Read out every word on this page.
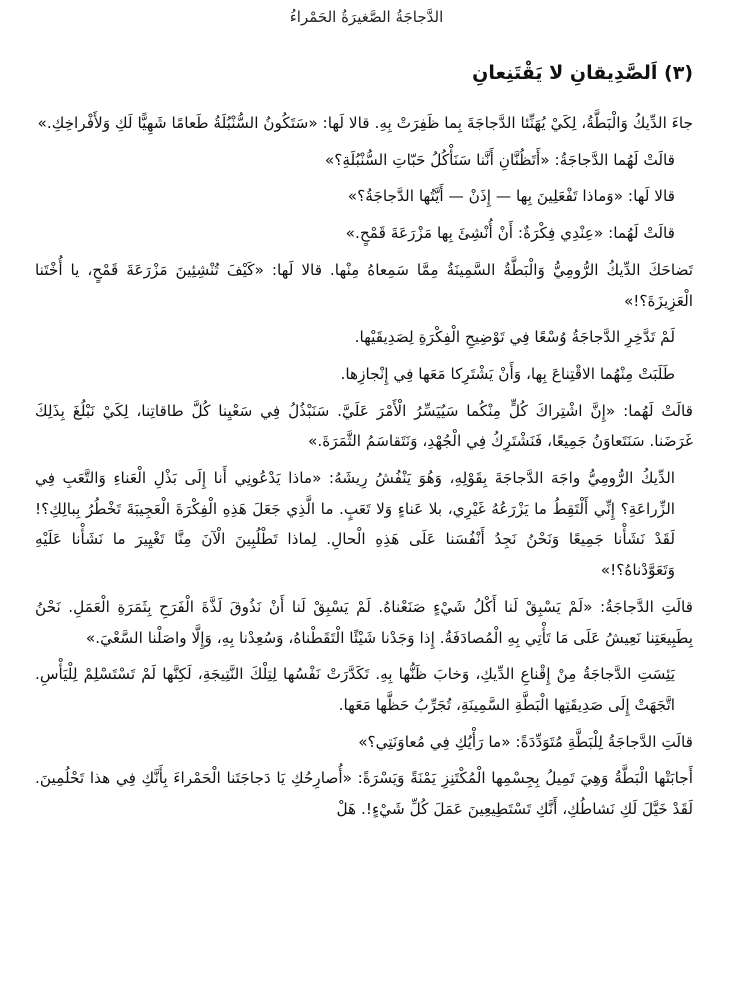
الدَّجاجَةُ الصَّغيرَةُ الحَمْراءُ
(٣) اَلصَّدِيقانِ لا يَقْتَنِعانِ

جاءَ الدِّيكُ وَالْبَطَّةُ، لِكَيْ يُهَنِّئا الدَّجاجَةَ بِما ظَفِرَتْ بِهِ. قالا لَها: «سَتَكُونُ السُّنْبُلَةُ طَعامًا شَهِيًّا لَكِ وَلأَفْراخِكِ.»

قالَتْ لَهُما الدَّجاجَةُ: «أَتَظُنَّانِ أَنَّنا سَنَأْكُلُ حَبّاتِ السُّنْبُلَةِ؟»

قالا لَها: «وَماذا تَفْعَلِينَ بِها — إِذَنْ — أَيَّتُها الدَّجاجَةُ؟»

قالَتْ لَهُما: «عِنْدِي فِكْرَةٌ: أَنْ أُنْشِئَ بِها مَزْرَعَةَ قَمْحٍ.»

تَضاحَكَ الدِّيكُ الرُّومِيُّ وَالْبَطَّةُ السَّمِينَةُ مِمَّا سَمِعاهُ مِنْها. قالا لَها: «كَيْفَ تُنْشِئِينَ مَزْرَعَةَ قَمْحٍ، يا أُخْتَنا الْعَزِيزَةَ؟!»

لَمْ تَدَّخِرِ الدَّجاجَةُ وُسْعًا فِي تَوْضِيحِ الْفِكْرَةِ لِصَدِيقَيْها.

طَلَبَتْ مِنْهُما الاقْتِناعَ بِها، وَأَنْ يَشْتَرِكا مَعَها فِي إِنْجازِها.

قالَتْ لَهُما: «إِنَّ اشْتِراكَ كُلٍّ مِنْكُما سَيُيَسِّرُ الْأَمْرَ عَلَيَّ. سَنَبْذُلُ فِي سَعْيِنا كُلَّ طاقاتِنا، لِكَيْ نَبْلُغَ بِذَلِكَ غَرَضَنا. سَنَتَعاوَنُ جَمِيعًا، فَنَشْتَرِكُ فِي الْجُهْدِ، وَنَتَقاسَمُ الثَّمَرَةَ.»

الدِّيكُ الرُّومِيُّ واجَهَ الدَّجاجَةَ بِقَوْلِهِ، وَهُوَ يَنْفُشُ رِيشَهُ: «ماذا يَدْعُونِي أَنا إِلَى بَذْلِ الْعَناءِ وَالتَّعَبِ فِي الزِّراعَةِ؟ إِنِّي أَلْتَقِطُ ما يَزْرَعُهُ غَيْرِي، بلا عَناءٍ وَلا تَعَبٍ. ما الَّذِي جَعَلَ هَذِهِ الْفِكْرَةَ الْعَجِيبَةَ تَخْطُرُ بِبالِكِ؟! لَقَدْ نَشَأْنا جَمِيعًا وَنَحْنُ نَجِدُ أَنْفُسَنا عَلَى هَذِهِ الْحالِ. لِماذا تَطْلُبِينَ الْآنَ مِنَّا تَغْيِيرَ ما نَشَأْنا عَلَيْهِ وَتَعَوَّدْناهُ؟!»

قالَتِ الدَّجاجَةُ: «لَمْ يَسْبِقْ لَنا أَكْلُ شَيْءٍ صَنَعْناهُ. لَمْ يَسْبِقْ لَنا أَنْ نَذُوقَ لَذَّةَ الْفَرَحِ بِثَمَرَةِ الْعَمَلِ. نَحْنُ بِطَبِيعَتِنا نَعِيشُ عَلَى مَا تَأْتِي بِهِ الْمُصادَفَةُ. إِذا وَجَدْنا شَيْئًا الْتَقَطْناهُ، وَسُعِدْنا بِهِ، وَإِلَّا واصَلْنا السَّعْيَ.»

يَئِسَتِ الدَّجاجَةُ مِنْ إِقْناعِ الدِّيكِ، وَخابَ ظَنُّها بِهِ. تَكَدَّرَتْ نَفْسُها لِتِلْكَ النَّتِيجَةِ، لَكِنَّها لَمْ تَسْتَسْلِمْ لِلْيَأْسِ. اتَّجَهَتْ إِلَى صَدِيقَتِها الْبَطَّةِ السَّمِينَةِ، تُجَرِّبُ حَظَّها مَعَها.

قالَتِ الدَّجاجَةُ لِلْبَطَّةِ مُتَوَدِّدَةً: «ما رَأْيُكِ فِي مُعاوَنَتِي؟»

أَجابَتْها الْبَطَّةُ وَهِيَ تَمِيلُ بِجِسْمِها الْمُكْتَنِزِ يَمْنَةً وَيَسْرَةً: «أُصارِحُكِ يَا دَجاجَتَنا الْحَمْراءَ بِأَنَّكِ فِي هذا تَحْلُمِينَ. لَقَدْ خَيَّلَ لَكِ نَشاطُكِ، أَنَّكِ تَسْتَطِيعِينَ عَمَلَ كُلِّ شَيْءٍ!. هَلْ
